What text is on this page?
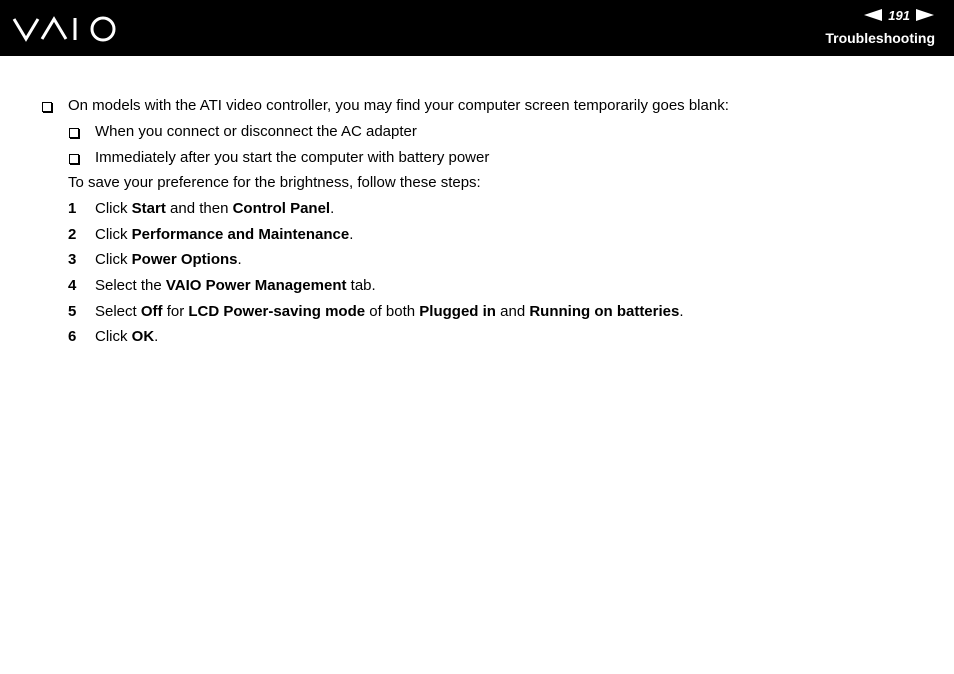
191
Troubleshooting
On models with the ATI video controller, you may find your computer screen temporarily goes blank:
When you connect or disconnect the AC adapter
Immediately after you start the computer with battery power
To save your preference for the brightness, follow these steps:
1 Click Start and then Control Panel.
2 Click Performance and Maintenance.
3 Click Power Options.
4 Select the VAIO Power Management tab.
5 Select Off for LCD Power-saving mode of both Plugged in and Running on batteries.
6 Click OK.
